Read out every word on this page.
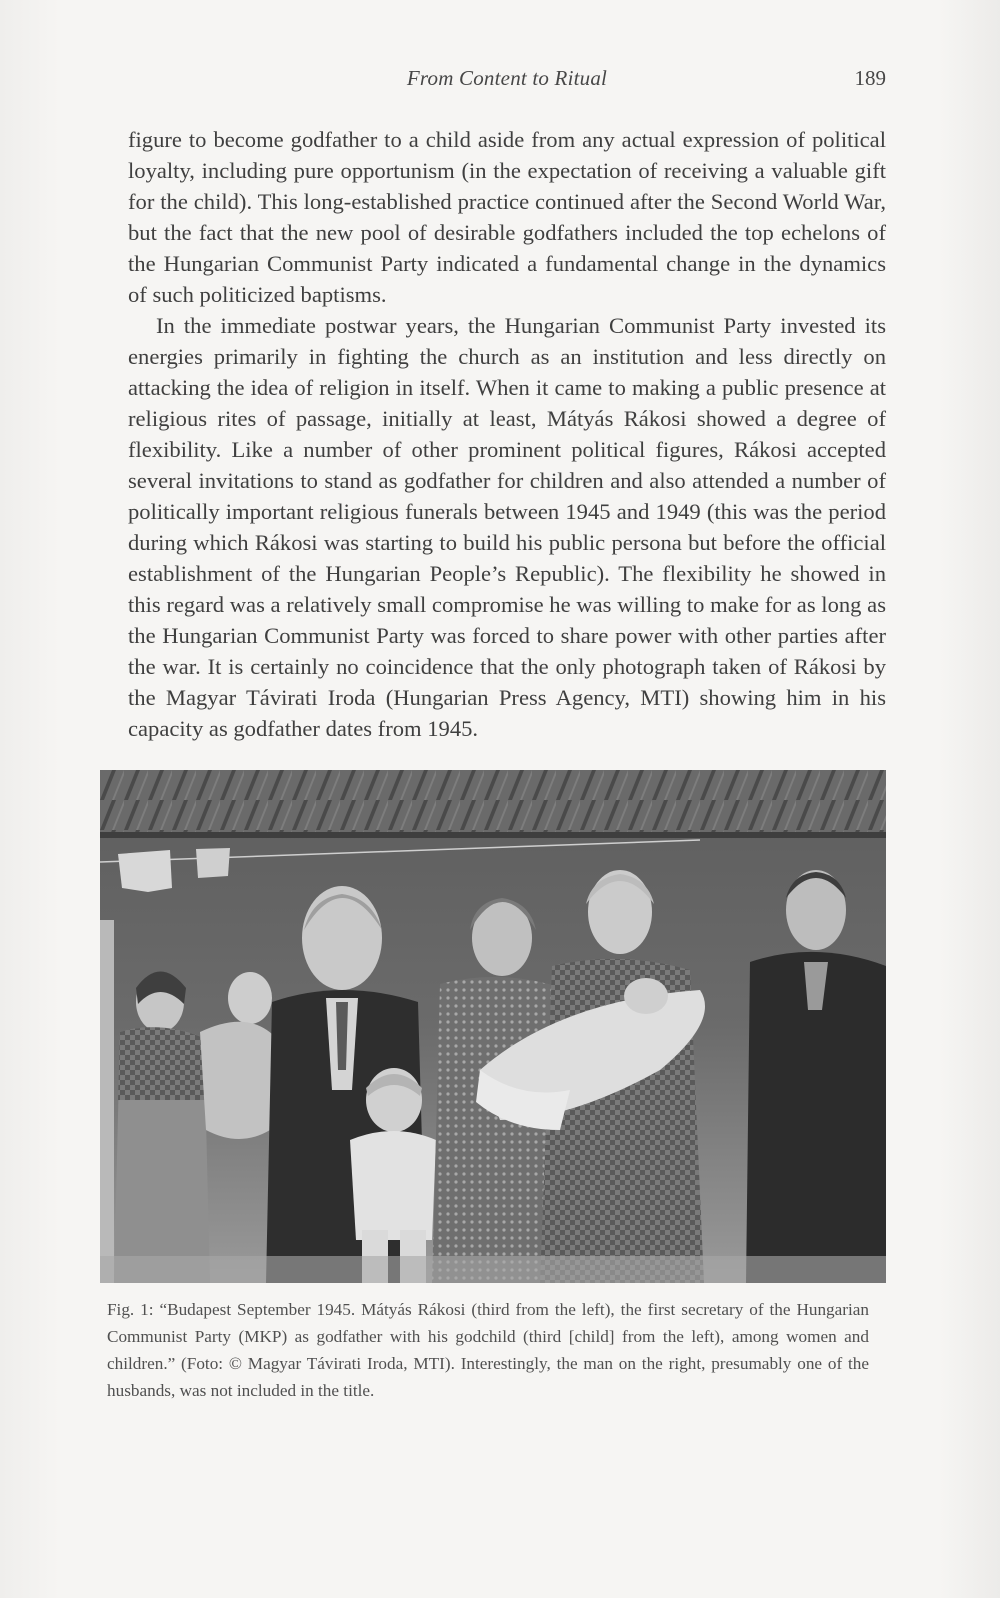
From Content to Ritual	189

figure to become godfather to a child aside from any actual expression of political loyalty, including pure opportunism (in the expectation of receiving a valuable gift for the child). This long-established practice continued after the Second World War, but the fact that the new pool of desirable godfathers included the top echelons of the Hungarian Communist Party indicated a fundamental change in the dynamics of such politicized baptisms.

In the immediate postwar years, the Hungarian Communist Party invested its energies primarily in fighting the church as an institution and less directly on attacking the idea of religion in itself. When it came to making a public presence at religious rites of passage, initially at least, Mátyás Rákosi showed a degree of flexibility. Like a number of other prominent political figures, Rákosi accepted several invitations to stand as godfather for children and also attended a number of politically important religious funerals between 1945 and 1949 (this was the period during which Rákosi was starting to build his public persona but before the official establishment of the Hungarian People’s Republic). The flexibility he showed in this regard was a relatively small compromise he was willing to make for as long as the Hungarian Communist Party was forced to share power with other parties after the war. It is certainly no coincidence that the only photograph taken of Rákosi by the Magyar Távirati Iroda (Hungarian Press Agency, MTI) showing him in his capacity as godfather dates from 1945.

Fig. 1: “Budapest September 1945. Mátyás Rákosi (third from the left), the first secretary of the Hungarian Communist Party (MKP) as godfather with his godchild (third [child] from the left), among women and children.” (Foto: © Magyar Távirati Iroda, MTI). Interestingly, the man on the right, presumably one of the husbands, was not included in the title.
